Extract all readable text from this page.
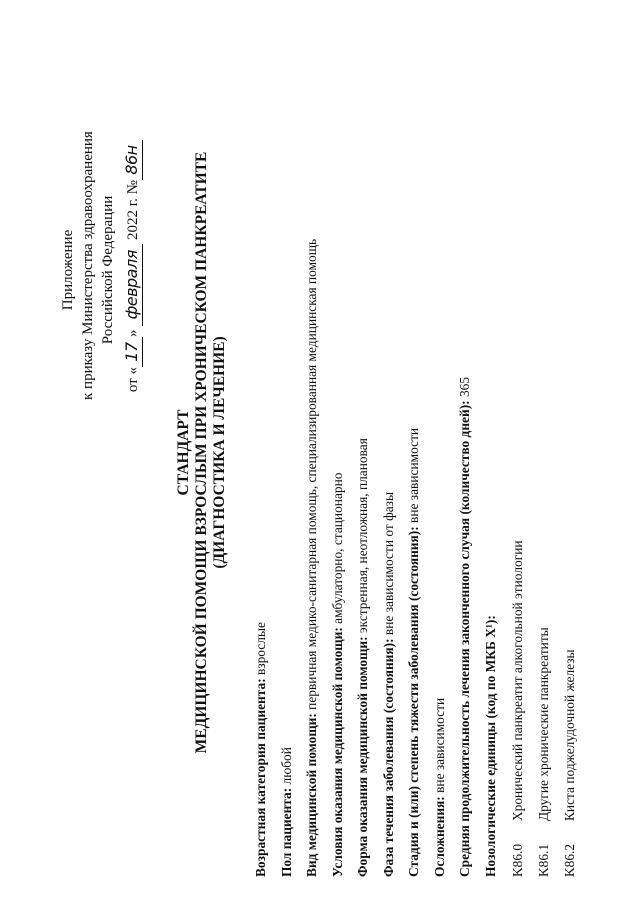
Приложение к приказу Министерства здравоохранения Российской Федерации
от «17» февраля 2022 г. №86н
СТАНДАРТ МЕДИЦИНСКОЙ ПОМОЩИ ВЗРОСЛЫМ ПРИ ХРОНИЧЕСКОМ ПАНКРЕАТИТЕ (ДИАГНОСТИКА И ЛЕЧЕНИЕ)
Возрастная категория пациента: взрослые
Пол пациента: любой Вид медицинской помощи: первичная медико-санитарная помощь, специализированная медицинская помощь
Условия оказания медицинской помощи: амбулаторно, стационарно
Форма оказания медицинской помощи: экстренная, неотложная, плановая
Фаза течения заболевания (состояния): вне зависимости от фазы Стадия и (или) степень тяжести заболевания (состояния): вне зависимости
Осложнения: вне зависимости Средняя продолжительность лечения законченного случая (количество дней): 365
Нозологические единицы (код по МКБ X¹): K86.0Хронический панкреатит алкогольной этиологии
K86.1Другие хронические панкреатиты
K86.2Киста поджелудочной железы
